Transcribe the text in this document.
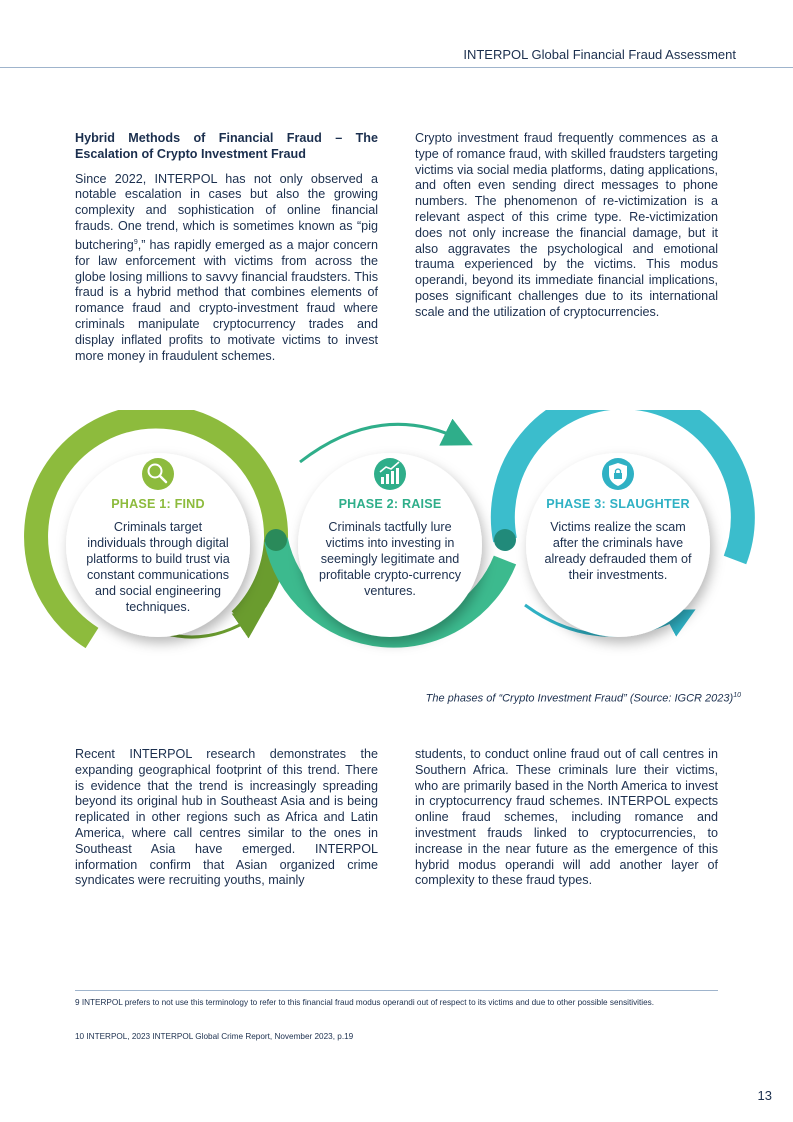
INTERPOL Global Financial Fraud Assessment
Hybrid Methods of Financial Fraud – The Escalation of Crypto Investment Fraud

Since 2022, INTERPOL has not only observed a notable escalation in cases but also the growing complexity and sophistication of online financial frauds. One trend, which is sometimes known as “pig butchering$^9$,” has rapidly emerged as a major concern for law enforcement with victims from across the globe losing millions to savvy financial fraudsters. This fraud is a hybrid method that combines elements of romance fraud and crypto-investment fraud where criminals manipulate cryptocurrency trades and display inflated profits to motivate victims to invest more money in fraudulent schemes.

Crypto investment fraud frequently commences as a type of romance fraud, with skilled fraudsters targeting victims via social media platforms, dating applications, and often even sending direct messages to phone numbers. The phenomenon of re-victimization is a relevant aspect of this crime type. Re-victimization does not only increase the financial damage, but it also aggravates the psychological and emotional trauma experienced by the victims. This modus operandi, beyond its immediate financial implications, poses significant challenges due to its international scale and the utilization of cryptocurrencies.

PHASE 1: FIND
Criminals target individuals through digital platforms to build trust via constant communications and social engineering techniques.
PHASE 2: RAISE
Criminals tactfully lure victims into investing in seemingly legitimate and profitable crypto-currency ventures.
PHASE 3: SLAUGHTER
Victims realize the scam after the criminals have already defrauded them of their investments.
The phases of “Crypto Investment Fraud” (Source: IGCR 2023)$^{10}$

Recent INTERPOL research demonstrates the expanding geographical footprint of this trend. There is evidence that the trend is increasingly spreading beyond its original hub in Southeast Asia and is being replicated in other regions such as Africa and Latin America, where call centres similar to the ones in Southeast Asia have emerged. INTERPOL information confirm that Asian organized crime syndicates were recruiting youths, mainly

students, to conduct online fraud out of call centres in Southern Africa. These criminals lure their victims, who are primarily based in the North America to invest in cryptocurrency fraud schemes. INTERPOL expects online fraud schemes, including romance and investment frauds linked to cryptocurrencies, to increase in the near future as the emergence of this hybrid modus operandi will add another layer of complexity to these fraud types.

9 INTERPOL prefers to not use this terminology to refer to this financial fraud modus operandi out of respect to its victims and due to other possible sensitivities.
10 INTERPOL, 2023 INTERPOL Global Crime Report, November 2023, p.19
13
